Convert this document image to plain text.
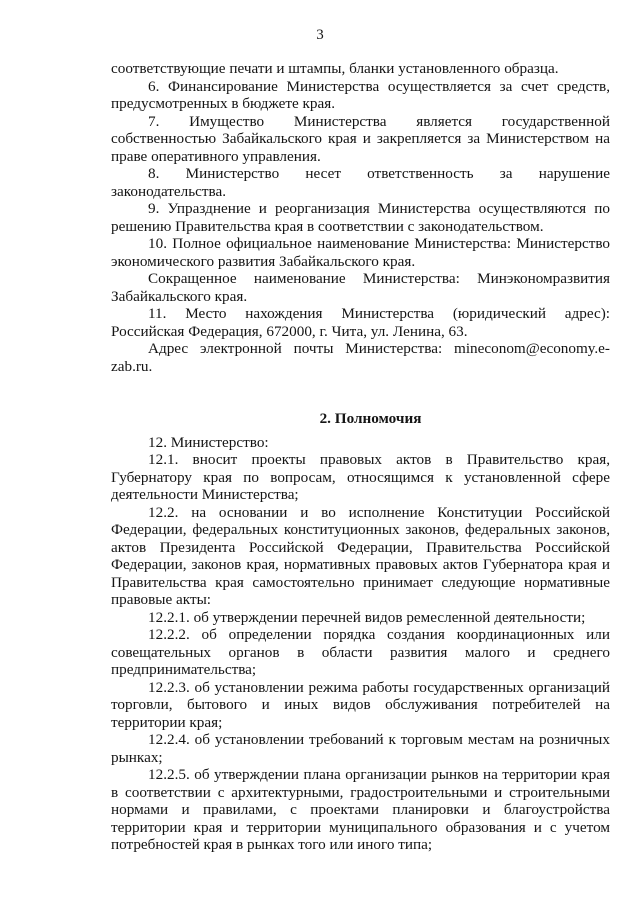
3

соответствующие печати и штампы, бланки установленного образца.

6. Финансирование Министерства осуществляется за счет средств, предусмотренных в бюджете края.

7. Имущество Министерства является государственной собственностью Забайкальского края и закрепляется за Министерством на праве оперативного управления.

8. Министерство несет ответственность за нарушение законодательства.

9. Упразднение и реорганизация Министерства осуществляются по решению Правительства края в соответствии с законодательством.

10. Полное официальное наименование Министерства: Министерство экономического развития Забайкальского края.

Сокращенное наименование Министерства: Минэкономразвития Забайкальского края.

11. Место нахождения Министерства (юридический адрес): Российская Федерация, 672000, г. Чита, ул. Ленина, 63.

Адрес электронной почты Министерства: mineconom@economy.e-zab.ru.

2. Полномочия

12. Министерство:

12.1. вносит проекты правовых актов в Правительство края, Губернатору края по вопросам, относящимся к установленной сфере деятельности Министерства;

12.2. на основании и во исполнение Конституции Российской Федерации, федеральных конституционных законов, федеральных законов, актов Президента Российской Федерации, Правительства Российской Федерации, законов края, нормативных правовых актов Губернатора края и Правительства края самостоятельно принимает следующие нормативные правовые акты:

12.2.1. об утверждении перечней видов ремесленной деятельности;

12.2.2. об определении порядка создания координационных или совещательных органов в области развития малого и среднего предпринимательства;

12.2.3. об установлении режима работы государственных организаций торговли, бытового и иных видов обслуживания потребителей на территории края;

12.2.4. об установлении требований к торговым местам на розничных рынках;

12.2.5. об утверждении плана организации рынков на территории края в соответствии с архитектурными, градостроительными и строительными нормами и правилами, с проектами планировки и благоустройства территории края и территории муниципального образования и с учетом потребностей края в рынках того или иного типа;
